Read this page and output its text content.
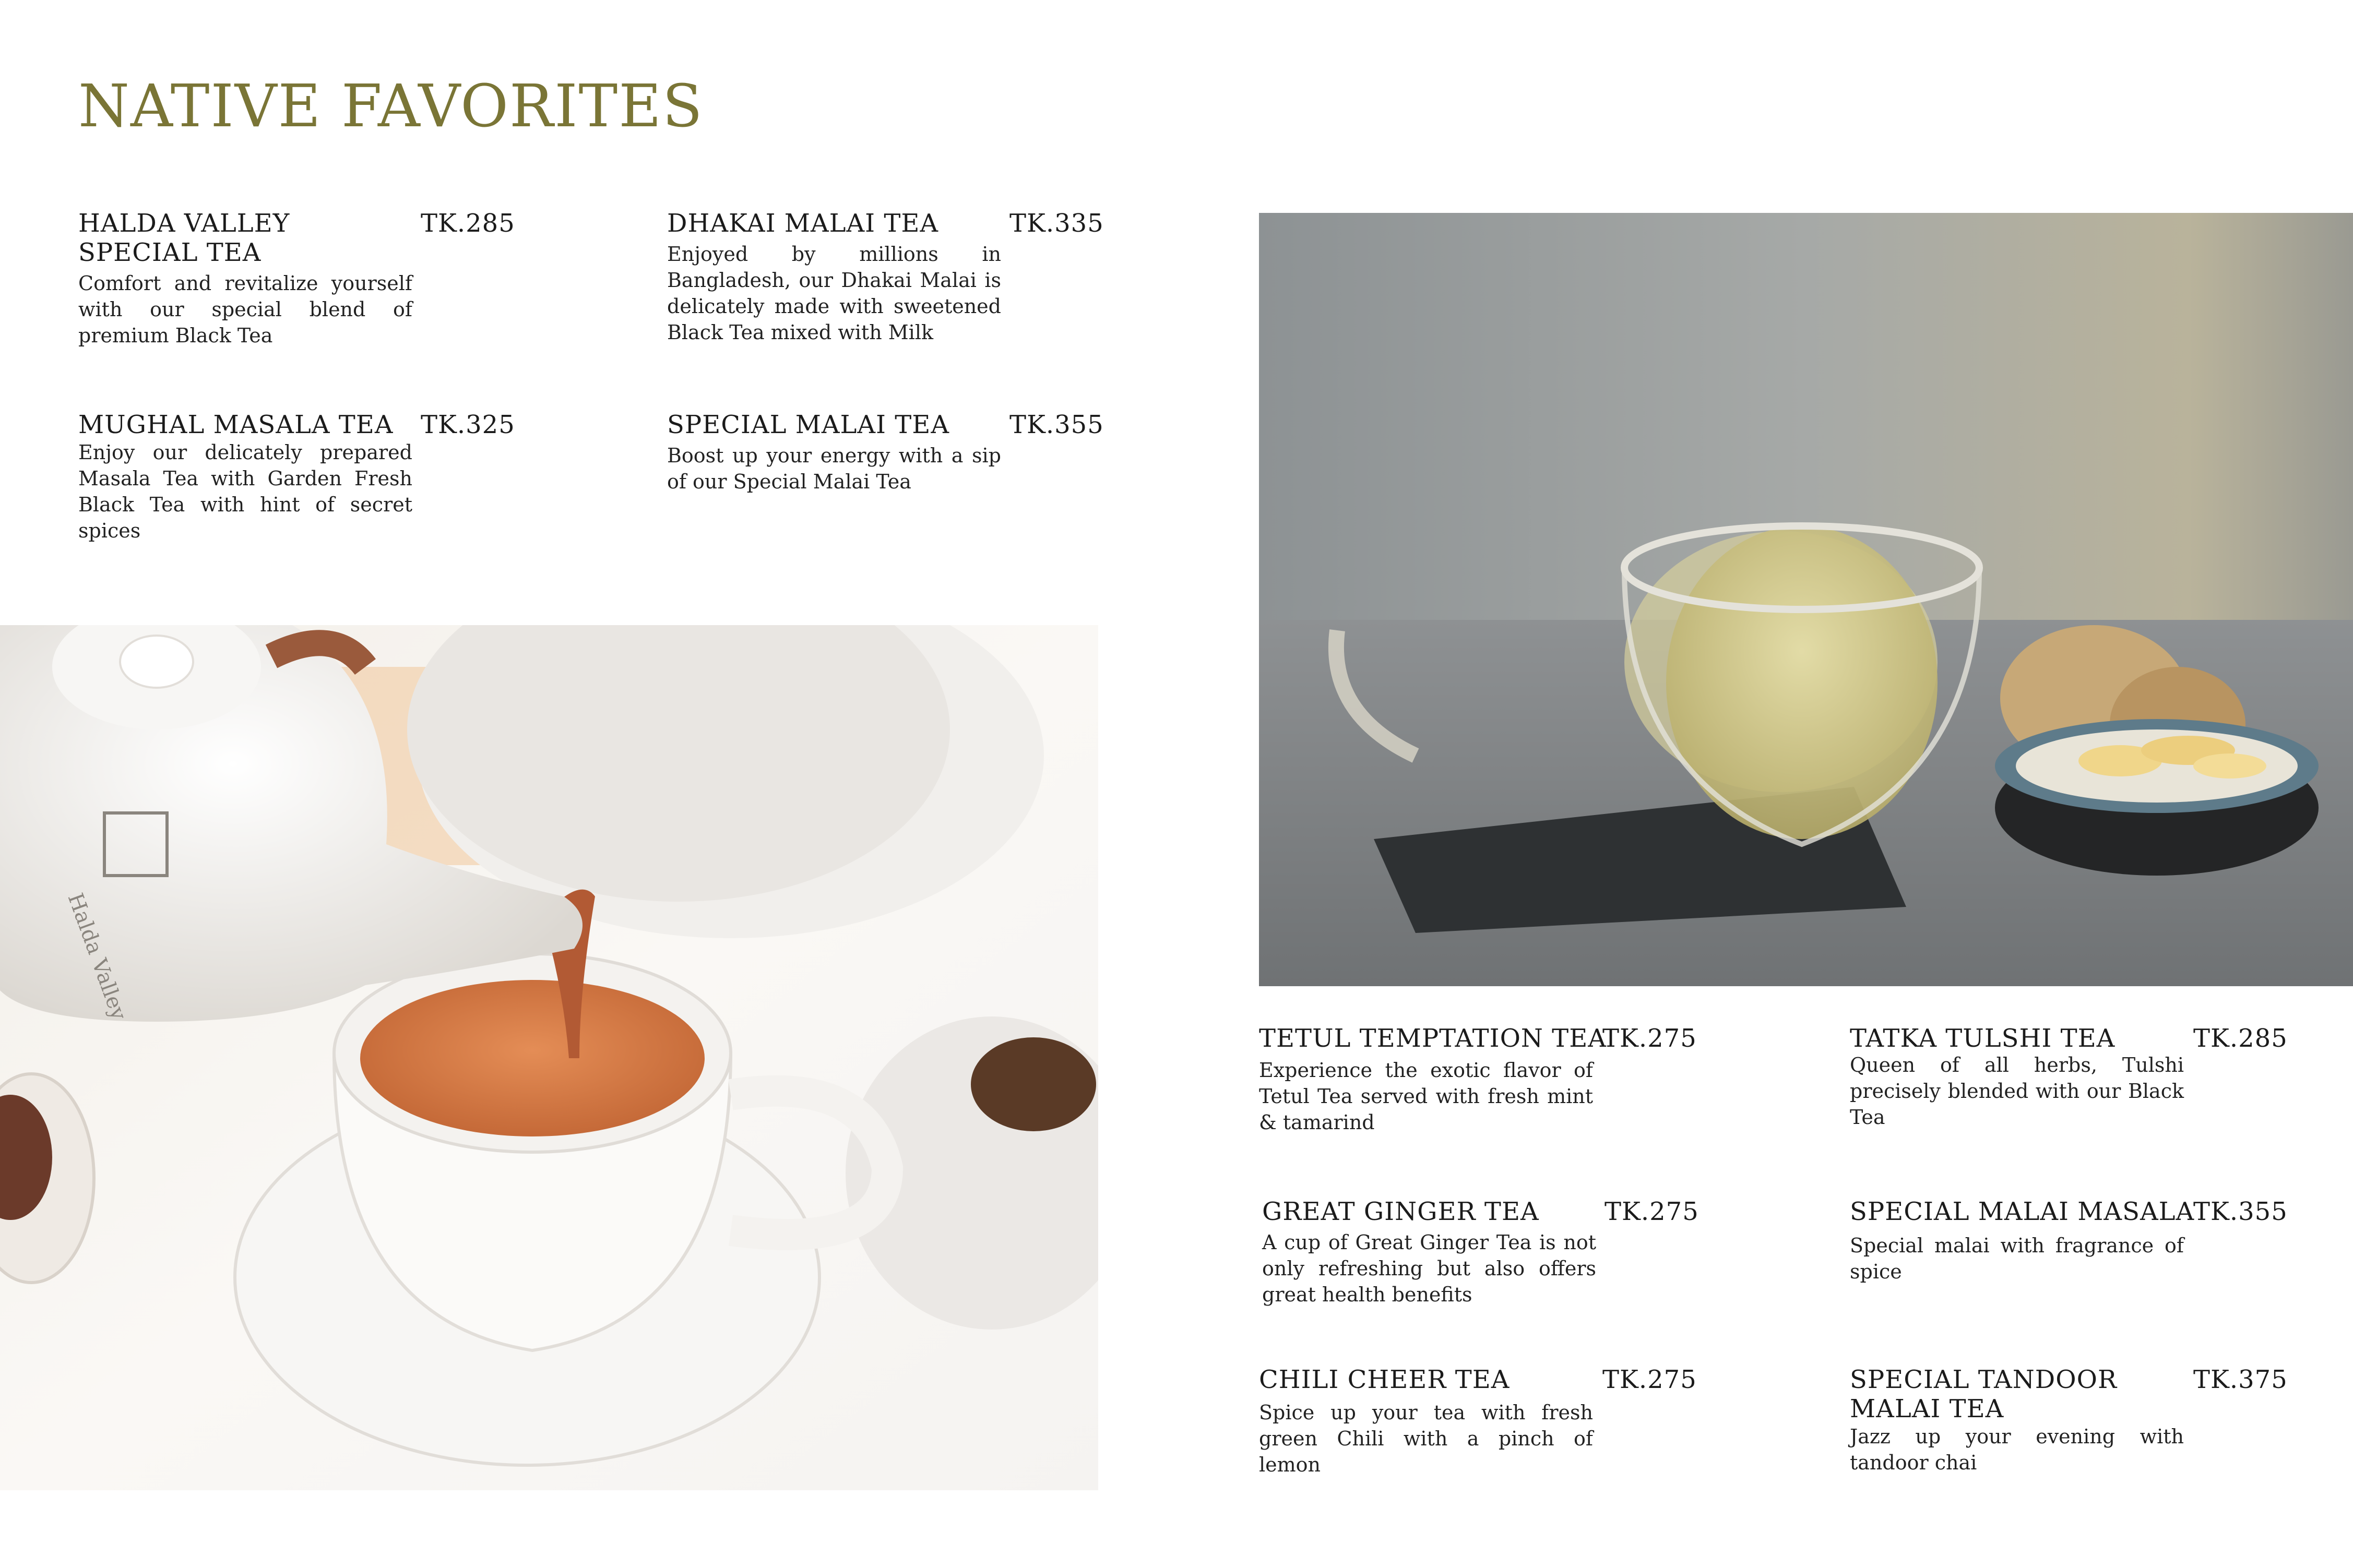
NATIVE FAVORITES
HALDA VALLEY SPECIAL TEA
TK.285

Comfort and revitalize yourself with our special blend of premium Black Tea

DHAKAI MALAI TEA	TK.335

Enjoyed by millions in Bangladesh, our Dhakai Malai is delicately made with sweetened Black Tea mixed with Milk

MUGHAL MASALA TEA	TK.325

Enjoy our delicately prepared Masala Tea with Garden Fresh Black Tea with hint of secret spices

SPECIAL MALAI TEA	TK.355

Boost up your energy with a sip of our Special Malai Tea

TETUL TEMPTATION TEA
TK.275

Experience the exotic flavor of Tetul Tea served with fresh mint & tamarind

TATKA TULSHI TEA	TK.285

Queen of all herbs, Tulshi precisely blended with our Black Tea

GREAT GINGER TEA	TK.275

A cup of Great Ginger Tea is not only refreshing but also offers great health benefits

SPECIAL MALAI MASALA
TK.355

Special malai with fragrance of spice

CHILI CHEER TEA	TK.275

Spice up your tea with fresh green Chili with a pinch of lemon

SPECIAL TANDOOR MALAI TEA
TK.375

Jazz up your evening with tandoor chai

Halda Valley
